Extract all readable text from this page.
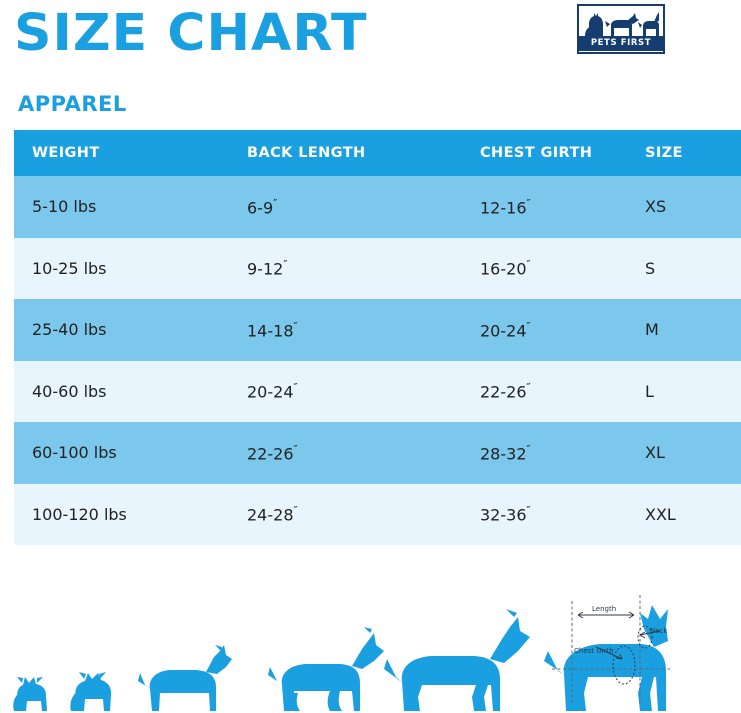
SIZE CHART	PETS FIRST
APPAREL
WEIGHT	BACK LENGTH	CHEST GIRTH	SIZE
5-10 lbs	6-9″	12-16″	XS
10-25 lbs	9-12″	16-20″	S
25-40 lbs	14-18″	20-24″	M
40-60 lbs	20-24″	22-26″	L
60-100 lbs	22-26″	28-32″	XL
100-120 lbs	24-28″	32-36″	XXL
Length
Chest Girth
Neck
